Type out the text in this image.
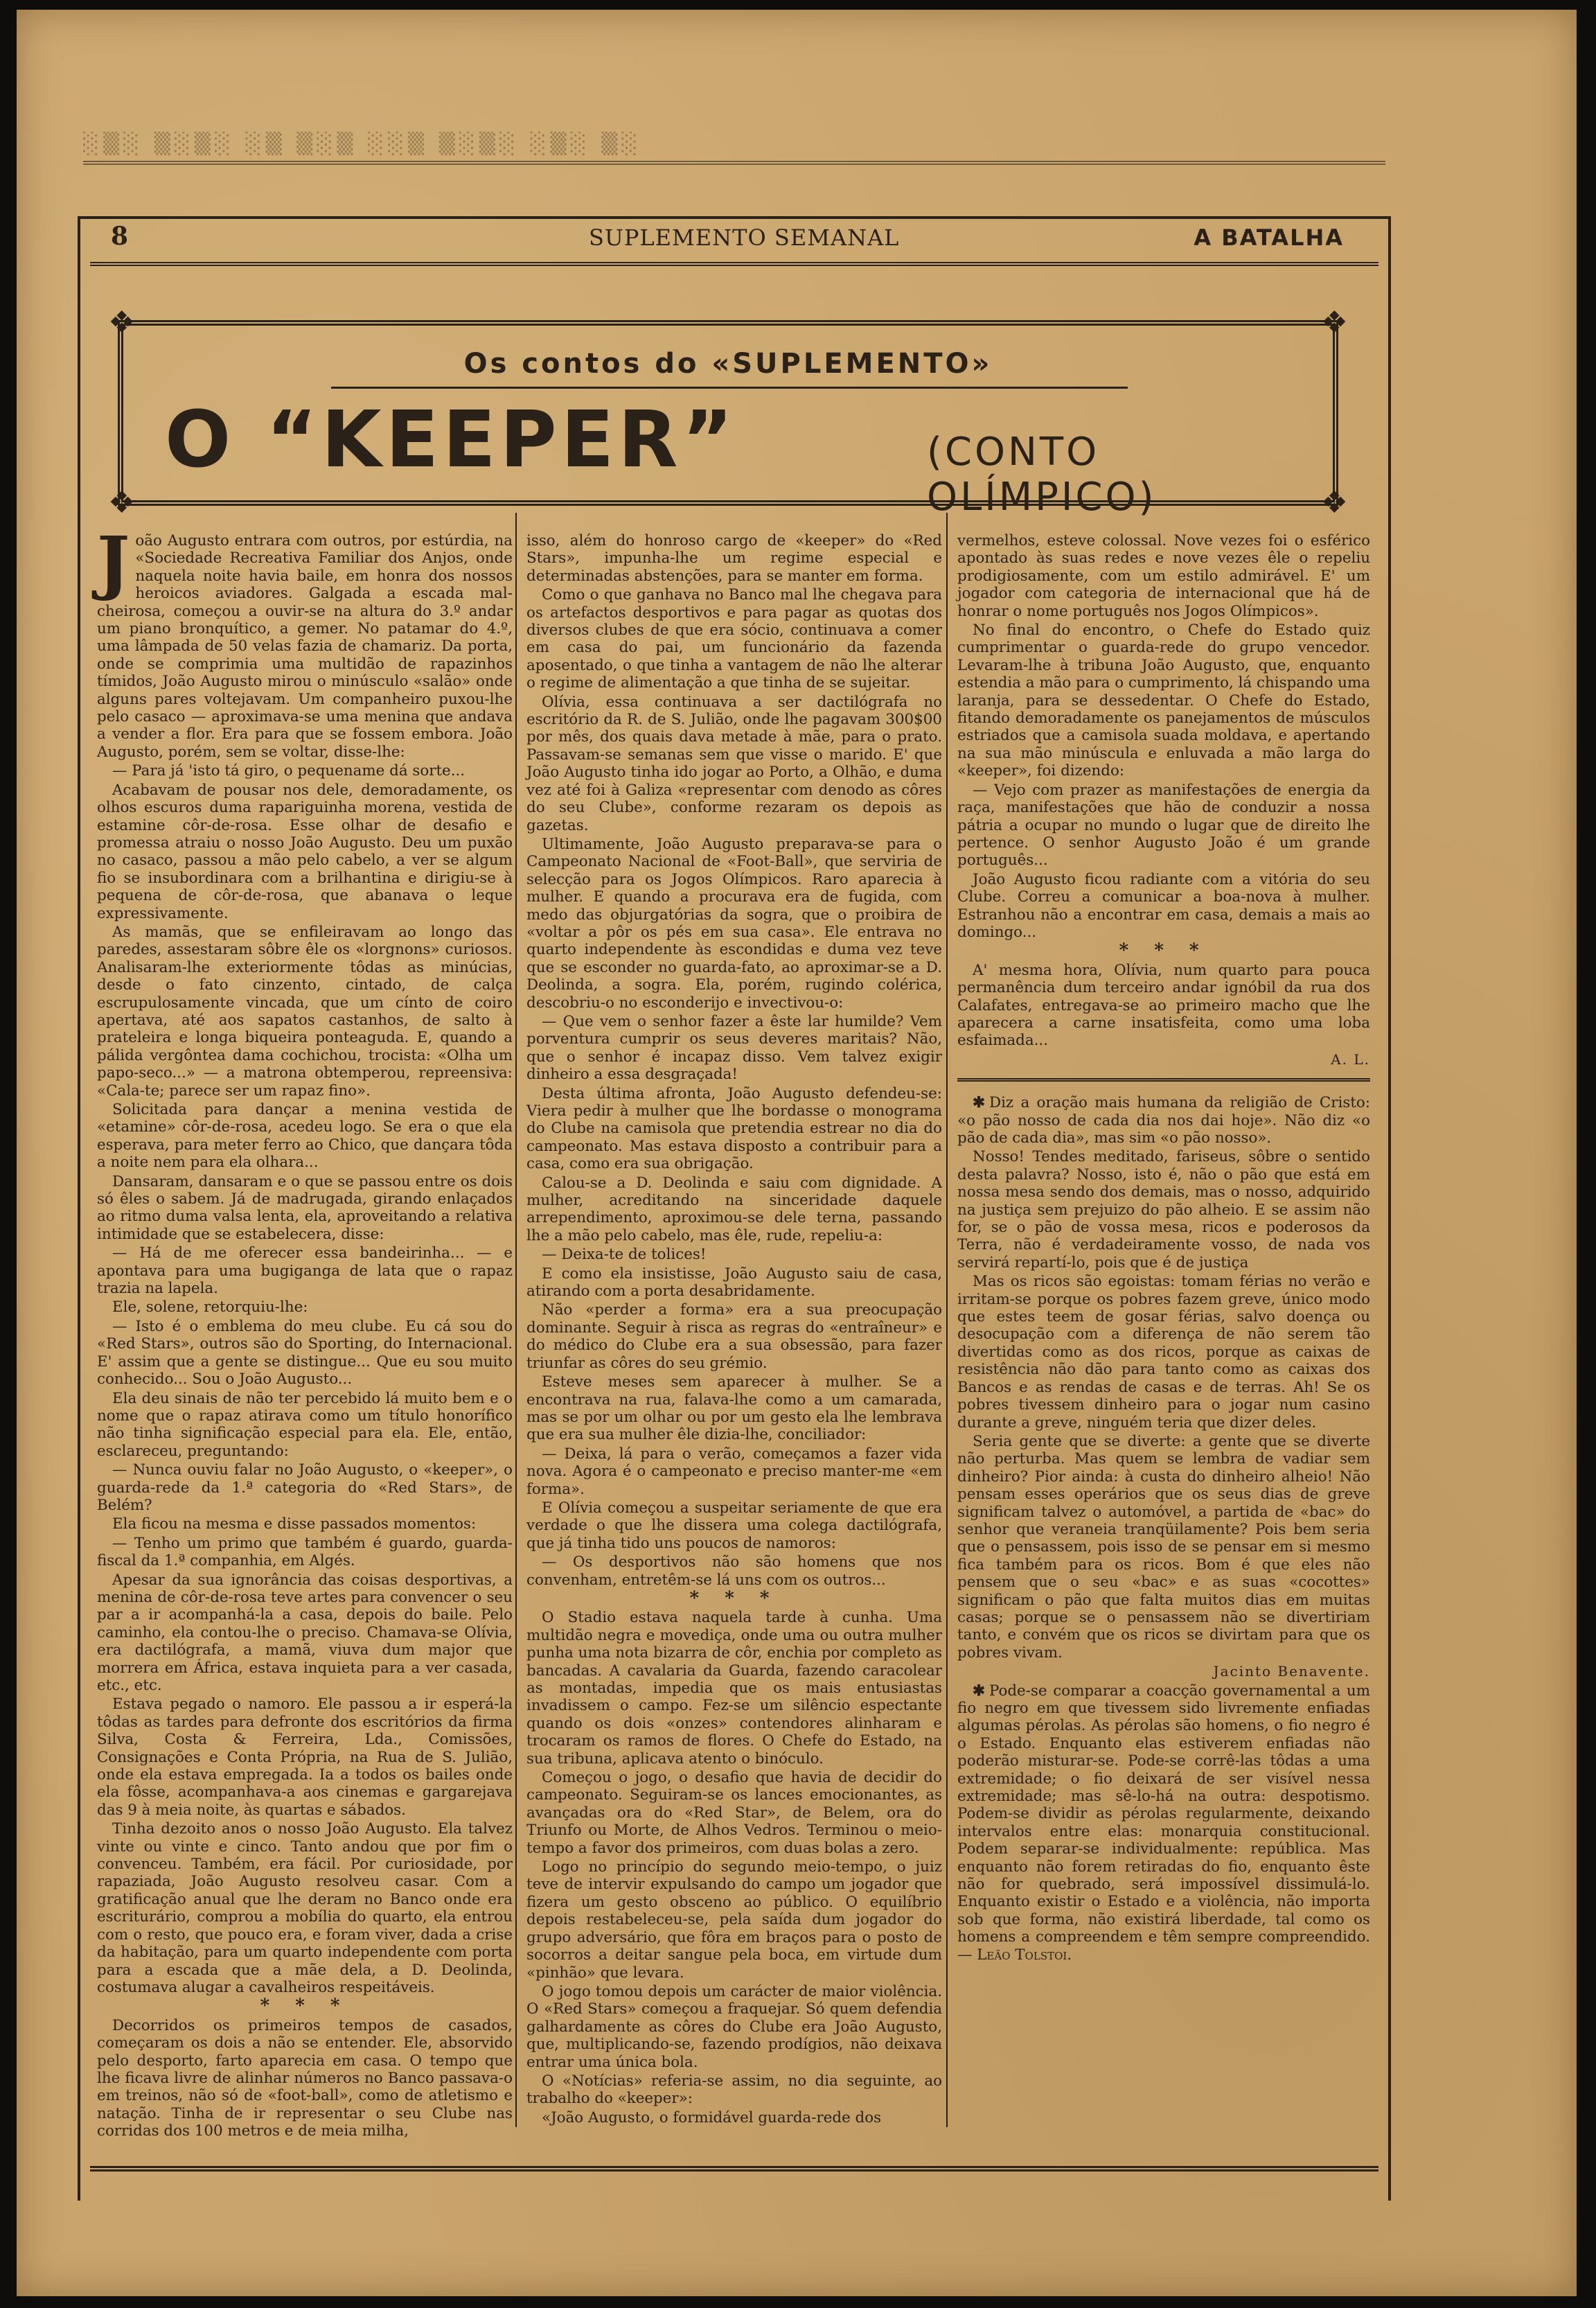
░▒░ ▒░▒░ ░▒ ▒░▒ ░░▒ ▒░▒░ ░▒░ ▒░
8	SUPLEMENTO SEMANAL	A BATALHA
❖	❖
❖	❖
Os contos do «SUPLEMENTO»
O “KEEPER”	(CONTO OLÍMPICO)

João Augusto entrara com outros, por estúrdia, na «Sociedade Recreativa Familiar dos Anjos, onde naquela noite havia baile, em honra dos nossos heroicos aviadores. Galgada a escada mal-cheirosa, começou a ouvir-se na altura do 3.º andar um piano bronquítico, a gemer. No patamar do 4.º, uma lâmpada de 50 velas fazia de chamariz. Da porta, onde se comprimia uma multidão de rapazinhos tímidos, João Augusto mirou o minúsculo «salão» onde alguns pares voltejavam. Um companheiro puxou-lhe pelo casaco — aproximava-se uma menina que andava a vender a flor. Era para que se fossem embora. João Augusto, porém, sem se voltar, disse-lhe:

— Para já 'isto tá giro, o pequename dá sorte...

Acabavam de pousar nos dele, demoradamente, os olhos escuros duma rapariguinha morena, vestida de estamine côr-de-rosa. Esse olhar de desafio e promessa atraiu o nosso João Augusto. Deu um puxão no casaco, passou a mão pelo cabelo, a ver se algum fio se insubordinara com a brilhantina e dirigiu-se à pequena de côr-de-rosa, que abanava o leque expressivamente.

As mamãs, que se enfileiravam ao longo das paredes, assestaram sôbre êle os «lorgnons» curiosos. Analisaram-lhe exteriormente tôdas as minúcias, desde o fato cinzento, cintado, de calça escrupulosamente vincada, que um cínto de coiro apertava, até aos sapatos castanhos, de salto à prateleira e longa biqueira ponteaguda. E, quando a pálida vergôntea dama cochichou, trocista: «Olha um papo-seco...» — a matrona obtemperou, repreensiva: «Cala-te; parece ser um rapaz fino».

Solicitada para dançar a menina vestida de «etamine» côr-de-rosa, acedeu logo. Se era o que ela esperava, para meter ferro ao Chico, que dançara tôda a noite nem para ela olhara...

Dansaram, dansaram e o que se passou entre os dois só êles o sabem. Já de madrugada, girando enlaçados ao ritmo duma valsa lenta, ela, aproveitando a relativa intimidade que se estabelecera, disse:

— Há de me oferecer essa bandeirinha... — e apontava para uma bugiganga de lata que o rapaz trazia na lapela.

Ele, solene, retorquiu-lhe:

— Isto é o emblema do meu clube. Eu cá sou do «Red Stars», outros são do Sporting, do Internacional. E' assim que a gente se distingue... Que eu sou muito conhecido... Sou o João Augusto...

Ela deu sinais de não ter percebido lá muito bem e o nome que o rapaz atirava como um título honorífico não tinha significação especial para ela. Ele, então, esclareceu, preguntando:

— Nunca ouviu falar no João Augusto, o «keeper», o guarda-rede da 1.ª categoria do «Red Stars», de Belém?

Ela ficou na mesma e disse passados momentos:

— Tenho um primo que também é guardo, guarda-fiscal da 1.ª companhia, em Algés.

Apesar da sua ignorância das coisas desportivas, a menina de côr-de-rosa teve artes para convencer o seu par a ir acompanhá-la a casa, depois do baile. Pelo caminho, ela contou-lhe o preciso. Chamava-se Olívia, era dactilógrafa, a mamã, viuva dum major que morrera em África, estava inquieta para a ver casada, etc., etc.

Estava pegado o namoro. Ele passou a ir esperá-la tôdas as tardes para defronte dos escritórios da firma Silva, Costa & Ferreira, Lda., Comissões, Consignações e Conta Própria, na Rua de S. Julião, onde ela estava empregada. Ia a todos os bailes onde ela fôsse, acompanhava-a aos cinemas e gargarejava das 9 à meia noite, às quartas e sábados.

Tinha dezoito anos o nosso João Augusto. Ela talvez vinte ou vinte e cinco. Tanto andou que por fim o convenceu. Também, era fácil. Por curiosidade, por rapaziada, João Augusto resolveu casar. Com a gratificação anual que lhe deram no Banco onde era escriturário, comprou a mobília do quarto, ela entrou com o resto, que pouco era, e foram viver, dada a crise da habitação, para um quarto independente com porta para a escada que a mãe dela, a D. Deolinda, costumava alugar a cavalheiros respeitáveis.

* * *

Decorridos os primeiros tempos de casados, começaram os dois a não se entender. Ele, absorvido pelo desporto, farto aparecia em casa. O tempo que lhe ficava livre de alinhar números no Banco passava-o em treinos, não só de «foot-ball», como de atletismo e natação. Tinha de ir representar o seu Clube nas corridas dos 100 metros e de meia milha,

isso, além do honroso cargo de «keeper» do «Red Stars», impunha-lhe um regime especial e determinadas abstenções, para se manter em forma.

Como o que ganhava no Banco mal lhe chegava para os artefactos desportivos e para pagar as quotas dos diversos clubes de que era sócio, continuava a comer em casa do pai, um funcionário da fazenda aposentado, o que tinha a vantagem de não lhe alterar o regime de alimentação a que tinha de se sujeitar.

Olívia, essa continuava a ser dactilógrafa no escritório da R. de S. Julião, onde lhe pagavam 300$00 por mês, dos quais dava metade à mãe, para o prato. Passavam-se semanas sem que visse o marido. E' que João Augusto tinha ido jogar ao Porto, a Olhão, e duma vez até foi à Galiza «representar com denodo as côres do seu Clube», conforme rezaram os depois as gazetas.

Ultimamente, João Augusto preparava-se para o Campeonato Nacional de «Foot-Ball», que serviria de selecção para os Jogos Olímpicos. Raro aparecia à mulher. E quando a procurava era de fugida, com medo das objurgatórias da sogra, que o proibira de «voltar a pôr os pés em sua casa». Ele entrava no quarto independente às escondidas e duma vez teve que se esconder no guarda-fato, ao aproximar-se a D. Deolinda, a sogra. Ela, porém, rugindo colérica, descobriu-o no esconderijo e invectivou-o:

— Que vem o senhor fazer a êste lar humilde? Vem porventura cumprir os seus deveres maritais? Não, que o senhor é incapaz disso. Vem talvez exigir dinheiro a essa desgraçada!

Desta última afronta, João Augusto defendeu-se: Viera pedir à mulher que lhe bordasse o monograma do Clube na camisola que pretendia estrear no dia do campeonato. Mas estava disposto a contribuir para a casa, como era sua obrigação.

Calou-se a D. Deolinda e saiu com dignidade. A mulher, acreditando na sinceridade daquele arrependimento, aproximou-se dele terna, passando lhe a mão pelo cabelo, mas êle, rude, repeliu-a:

— Deixa-te de tolices!

E como ela insistisse, João Augusto saiu de casa, atirando com a porta desabridamente.

Não «perder a forma» era a sua preocupação dominante. Seguir à risca as regras do «entraîneur» e do médico do Clube era a sua obsessão, para fazer triunfar as côres do seu grémio.

Esteve meses sem aparecer à mulher. Se a encontrava na rua, falava-lhe como a um camarada, mas se por um olhar ou por um gesto ela lhe lembrava que era sua mulher êle dizia-lhe, conciliador:

— Deixa, lá para o verão, começamos a fazer vida nova. Agora é o campeonato e preciso manter-me «em forma».

E Olívia começou a suspeitar seriamente de que era verdade o que lhe dissera uma colega dactilógrafa, que já tinha tido uns poucos de namoros:

— Os desportivos não são homens que nos convenham, entretêm-se lá uns com os outros...

* * *

O Stadio estava naquela tarde à cunha. Uma multidão negra e movediça, onde uma ou outra mulher punha uma nota bizarra de côr, enchia por completo as bancadas. A cavalaria da Guarda, fazendo caracolear as montadas, impedia que os mais entusiastas invadissem o campo. Fez-se um silêncio espectante quando os dois «onzes» contendores alinharam e trocaram os ramos de flores. O Chefe do Estado, na sua tribuna, aplicava atento o binóculo.

Começou o jogo, o desafio que havia de decidir do campeonato. Seguiram-se os lances emocionantes, as avançadas ora do «Red Star», de Belem, ora do Triunfo ou Morte, de Alhos Vedros. Terminou o meio-tempo a favor dos primeiros, com duas bolas a zero.

Logo no princípio do segundo meio-tempo, o juiz teve de intervir expulsando do campo um jogador que fizera um gesto obsceno ao público. O equilíbrio depois restabeleceu-se, pela saída dum jogador do grupo adversário, que fôra em braços para o posto de socorros a deitar sangue pela boca, em virtude dum «pinhão» que levara.

O jogo tomou depois um carácter de maior violência. O «Red Stars» começou a fraquejar. Só quem defendia galhardamente as côres do Clube era João Augusto, que, multiplicando-se, fazendo prodígios, não deixava entrar uma única bola.

O «Notícias» referia-se assim, no dia seguinte, ao trabalho do «keeper»:

«João Augusto, o formidável guarda-rede dos

vermelhos, esteve colossal. Nove vezes foi o esférico apontado às suas redes e nove vezes êle o repeliu prodigiosamente, com um estilo admirável. E' um jogador com categoria de internacional que há de honrar o nome português nos Jogos Olímpicos».

No final do encontro, o Chefe do Estado quiz cumprimentar o guarda-rede do grupo vencedor. Levaram-lhe à tribuna João Augusto, que, enquanto estendia a mão para o cumprimento, lá chispando uma laranja, para se dessedentar. O Chefe do Estado, fitando demoradamente os panejamentos de músculos estriados que a camisola suada moldava, e apertando na sua mão minúscula e enluvada a mão larga do «keeper», foi dizendo:

— Vejo com prazer as manifestações de energia da raça, manifestações que hão de conduzir a nossa pátria a ocupar no mundo o lugar que de direito lhe pertence. O senhor Augusto João é um grande português...

João Augusto ficou radiante com a vitória do seu Clube. Correu a comunicar a boa-nova à mulher. Estranhou não a encontrar em casa, demais a mais ao domingo...

* * *

A' mesma hora, Olívia, num quarto para pouca permanência dum terceiro andar ignóbil da rua dos Calafates, entregava-se ao primeiro macho que lhe aparecera a carne insatisfeita, como uma loba esfaimada...

A. L.

✱ Diz a oração mais humana da religião de Cristo: «o pão nosso de cada dia nos dai hoje». Não diz «o pão de cada dia», mas sim «o pão nosso».

Nosso! Tendes meditado, fariseus, sôbre o sentido desta palavra? Nosso, isto é, não o pão que está em nossa mesa sendo dos demais, mas o nosso, adquirido na justiça sem prejuizo do pão alheio. E se assim não for, se o pão de vossa mesa, ricos e poderosos da Terra, não é verdadeiramente vosso, de nada vos servirá repartí-lo, pois que é de justiça

Mas os ricos são egoistas: tomam férias no verão e irritam-se porque os pobres fazem greve, único modo que estes teem de gosar férias, salvo doença ou desocupação com a diferença de não serem tão divertidas como as dos ricos, porque as caixas de resistência não dão para tanto como as caixas dos Bancos e as rendas de casas e de terras. Ah! Se os pobres tivessem dinheiro para o jogar num casino durante a greve, ninguém teria que dizer deles.

Seria gente que se diverte: a gente que se diverte não perturba. Mas quem se lembra de vadiar sem dinheiro? Pior ainda: à custa do dinheiro alheio! Não pensam esses operários que os seus dias de greve significam talvez o automóvel, a partida de «bac» do senhor que veraneia tranqüilamente? Pois bem seria que o pensassem, pois isso de se pensar em si mesmo fica também para os ricos. Bom é que eles não pensem que o seu «bac» e as suas «cocottes» significam o pão que falta muitos dias em muitas casas; porque se o pensassem não se divertiriam tanto, e convém que os ricos se divirtam para que os pobres vivam.

Jacinto Benavente.

✱ Pode-se comparar a coacção governamental a um fio negro em que tivessem sido livremente enfiadas algumas pérolas. As pérolas são homens, o fio negro é o Estado. Enquanto elas estiverem enfiadas não poderão misturar-se. Pode-se corrê-las tôdas a uma extremidade; o fio deixará de ser visível nessa extremidade; mas sê-lo-há na outra: despotismo. Podem-se dividir as pérolas regularmente, deixando intervalos entre elas: monarquia constitucional. Podem separar-se individualmente: república. Mas enquanto não forem retiradas do fio, enquanto êste não for quebrado, será impossível dissimulá-lo. Enquanto existir o Estado e a violência, não importa sob que forma, não existirá liberdade, tal como os homens a compreendem e têm sempre compreendido. — Leão Tolstoi.
